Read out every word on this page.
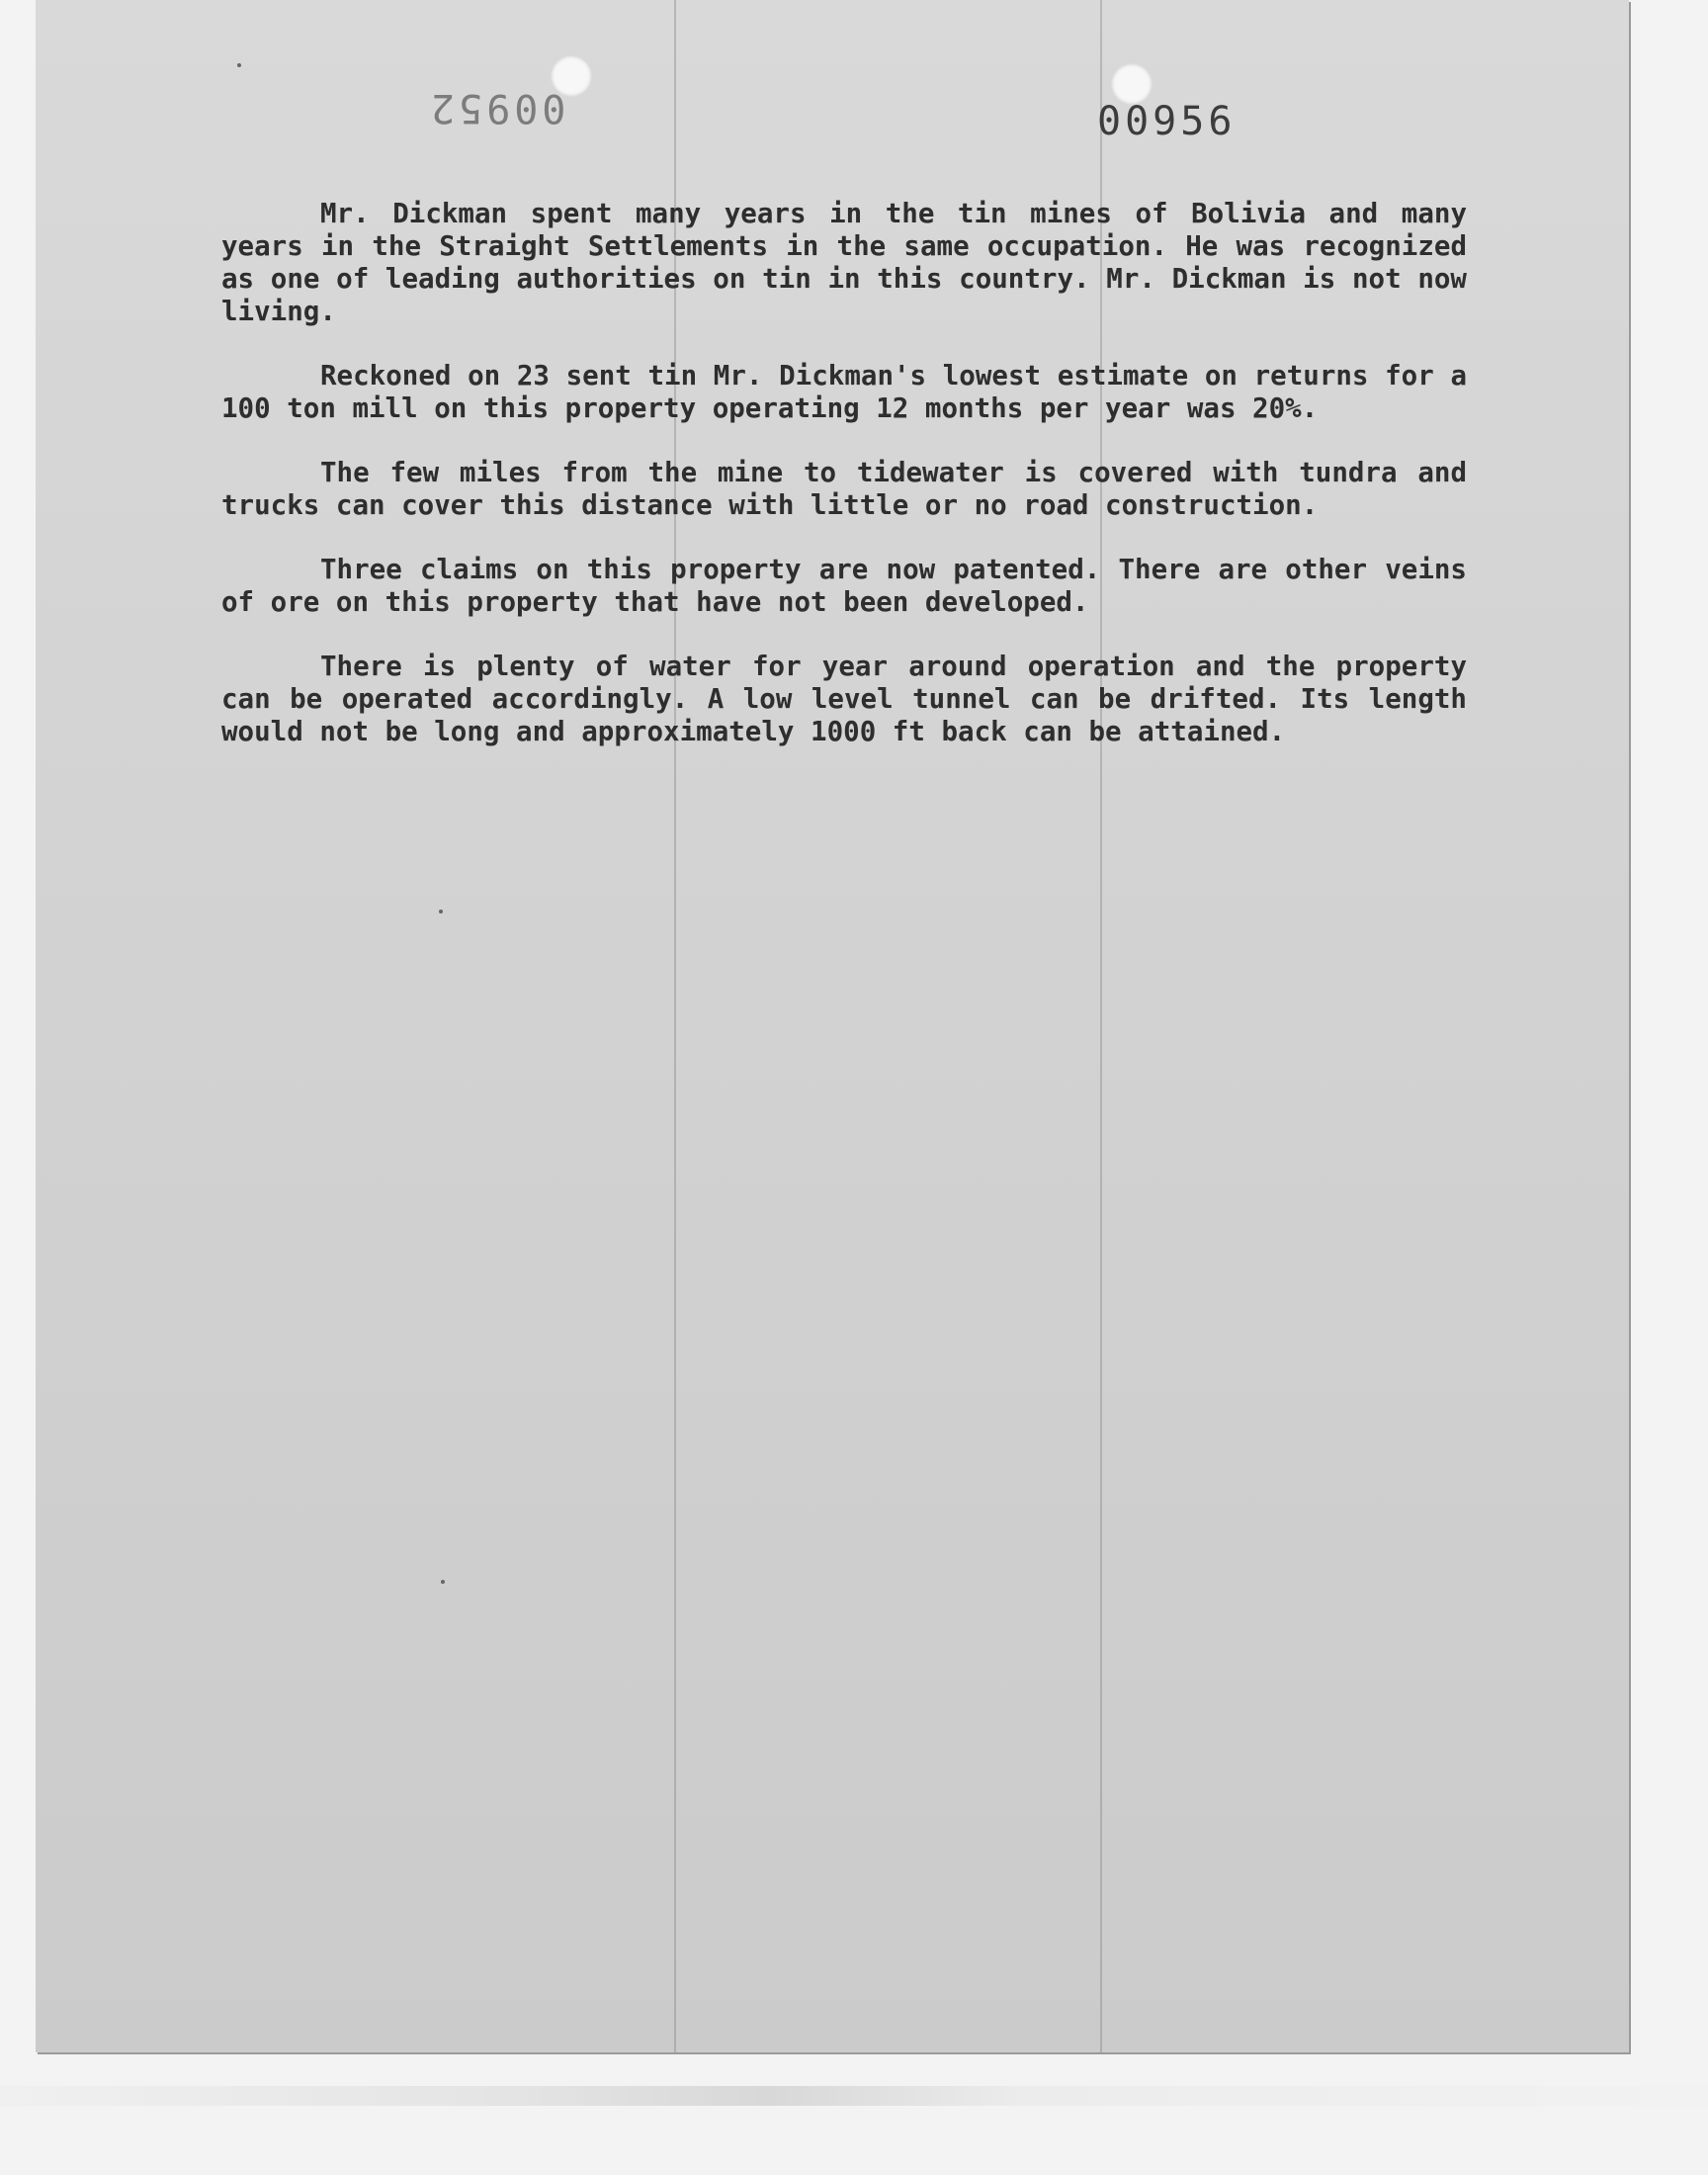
00952	00956

Mr. Dickman spent many years in the tin mines of Bolivia and many years in the Straight Settlements in the same occupation. He was recognized as one of leading authorities on tin in this country. Mr. Dickman is not now living.

Reckoned on 23 sent tin Mr. Dickman's lowest estimate on returns for a 100 ton mill on this property operating 12 months per year was 20%.

The few miles from the mine to tidewater is covered with tundra and trucks can cover this distance with little or no road construction.

Three claims on this property are now patented. There are other veins of ore on this property that have not been developed.

There is plenty of water for year around operation and the property can be operated accordingly. A low level tunnel can be drifted. Its length would not be long and approximately 1000 ft back can be attained.
